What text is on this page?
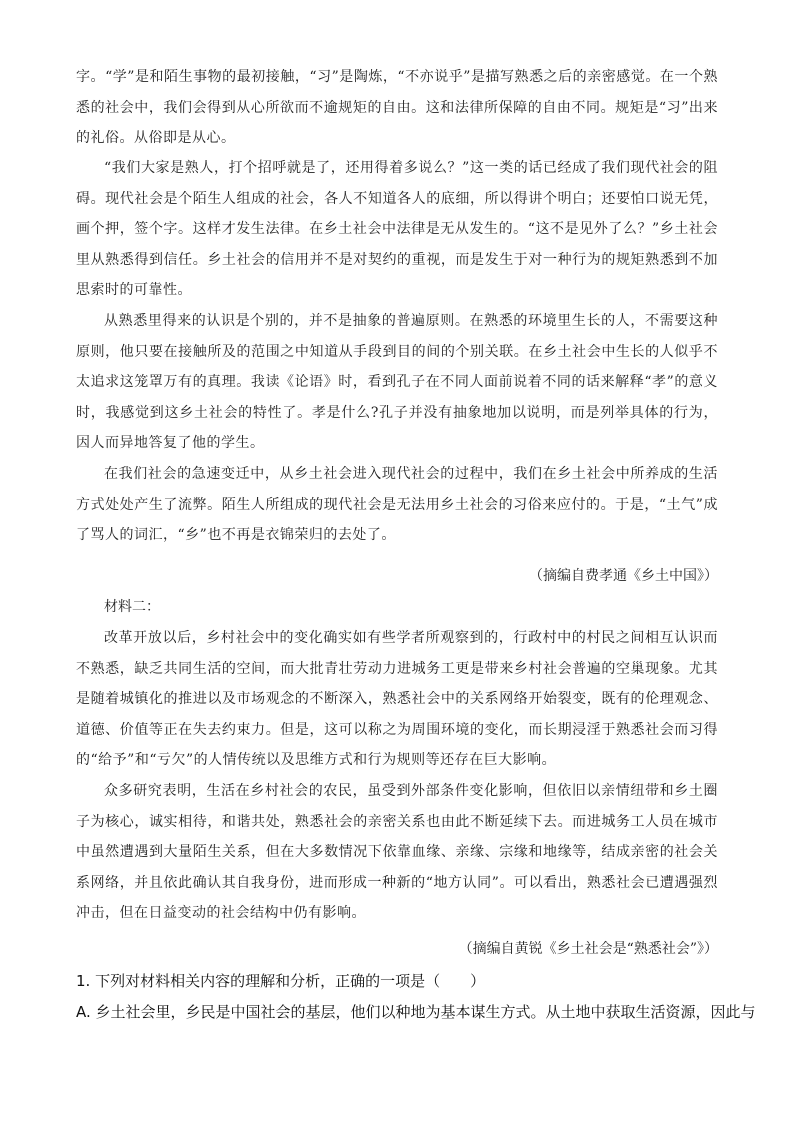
字。“学”是和陌生事物的最初接触，“习”是陶炼，“不亦说乎”是描写熟悉之后的亲密感觉。在一个熟悉的社会中，我们会得到从心所欲而不逾规矩的自由。这和法律所保障的自由不同。规矩是“习”出来的礼俗。从俗即是从心。

“我们大家是熟人，打个招呼就是了，还用得着多说么？”这一类的话已经成了我们现代社会的阻碍。现代社会是个陌生人组成的社会，各人不知道各人的底细，所以得讲个明白；还要怕口说无凭，画个押，签个字。这样才发生法律。在乡土社会中法律是无从发生的。“这不是见外了么？”乡土社会里从熟悉得到信任。乡土社会的信用并不是对契约的重视，而是发生于对一种行为的规矩熟悉到不加思索时的可靠性。

从熟悉里得来的认识是个别的，并不是抽象的普遍原则。在熟悉的环境里生长的人，不需要这种原则，他只要在接触所及的范围之中知道从手段到目的间的个别关联。在乡土社会中生长的人似乎不太追求这笼罩万有的真理。我读《论语》时，看到孔子在不同人面前说着不同的话来解释“孝”的意义时，我感觉到这乡土社会的特性了。孝是什么?孔子并没有抽象地加以说明，而是列举具体的行为，因人而异地答复了他的学生。

在我们社会的急速变迁中，从乡土社会进入现代社会的过程中，我们在乡土社会中所养成的生活方式处处产生了流弊。陌生人所组成的现代社会是无法用乡土社会的习俗来应付的。于是，“土气”成了骂人的词汇，“乡”也不再是衣锦荣归的去处了。

（摘编自费孝通《乡土中国》）

材料二：

改革开放以后，乡村社会中的变化确实如有些学者所观察到的，行政村中的村民之间相互认识而不熟悉，缺乏共同生活的空间，而大批青壮劳动力进城务工更是带来乡村社会普遍的空巢现象。尤其是随着城镇化的推进以及市场观念的不断深入，熟悉社会中的关系网络开始裂变，既有的伦理观念、道德、价值等正在失去约束力。但是，这可以称之为周围环境的变化，而长期浸淫于熟悉社会而习得的“给予”和“亏欠”的人情传统以及思维方式和行为规则等还存在巨大影响。

众多研究表明，生活在乡村社会的农民，虽受到外部条件变化影响，但依旧以亲情纽带和乡土圈子为核心，诚实相待，和谐共处，熟悉社会的亲密关系也由此不断延续下去。而进城务工人员在城市中虽然遭遇到大量陌生关系，但在大多数情况下依靠血缘、亲缘、宗缘和地缘等，结成亲密的社会关系网络，并且依此确认其自我身份，进而形成一种新的“地方认同”。可以看出，熟悉社会已遭遇强烈冲击，但在日益变动的社会结构中仍有影响。

（摘编自黄锐《乡土社会是“熟悉社会”》）

1. 下列对材料相关内容的理解和分析，正确的一项是（　　）

A. 乡土社会里，乡民是中国社会的基层，他们以种地为基本谋生方式。从土地中获取生活资源，因此与
